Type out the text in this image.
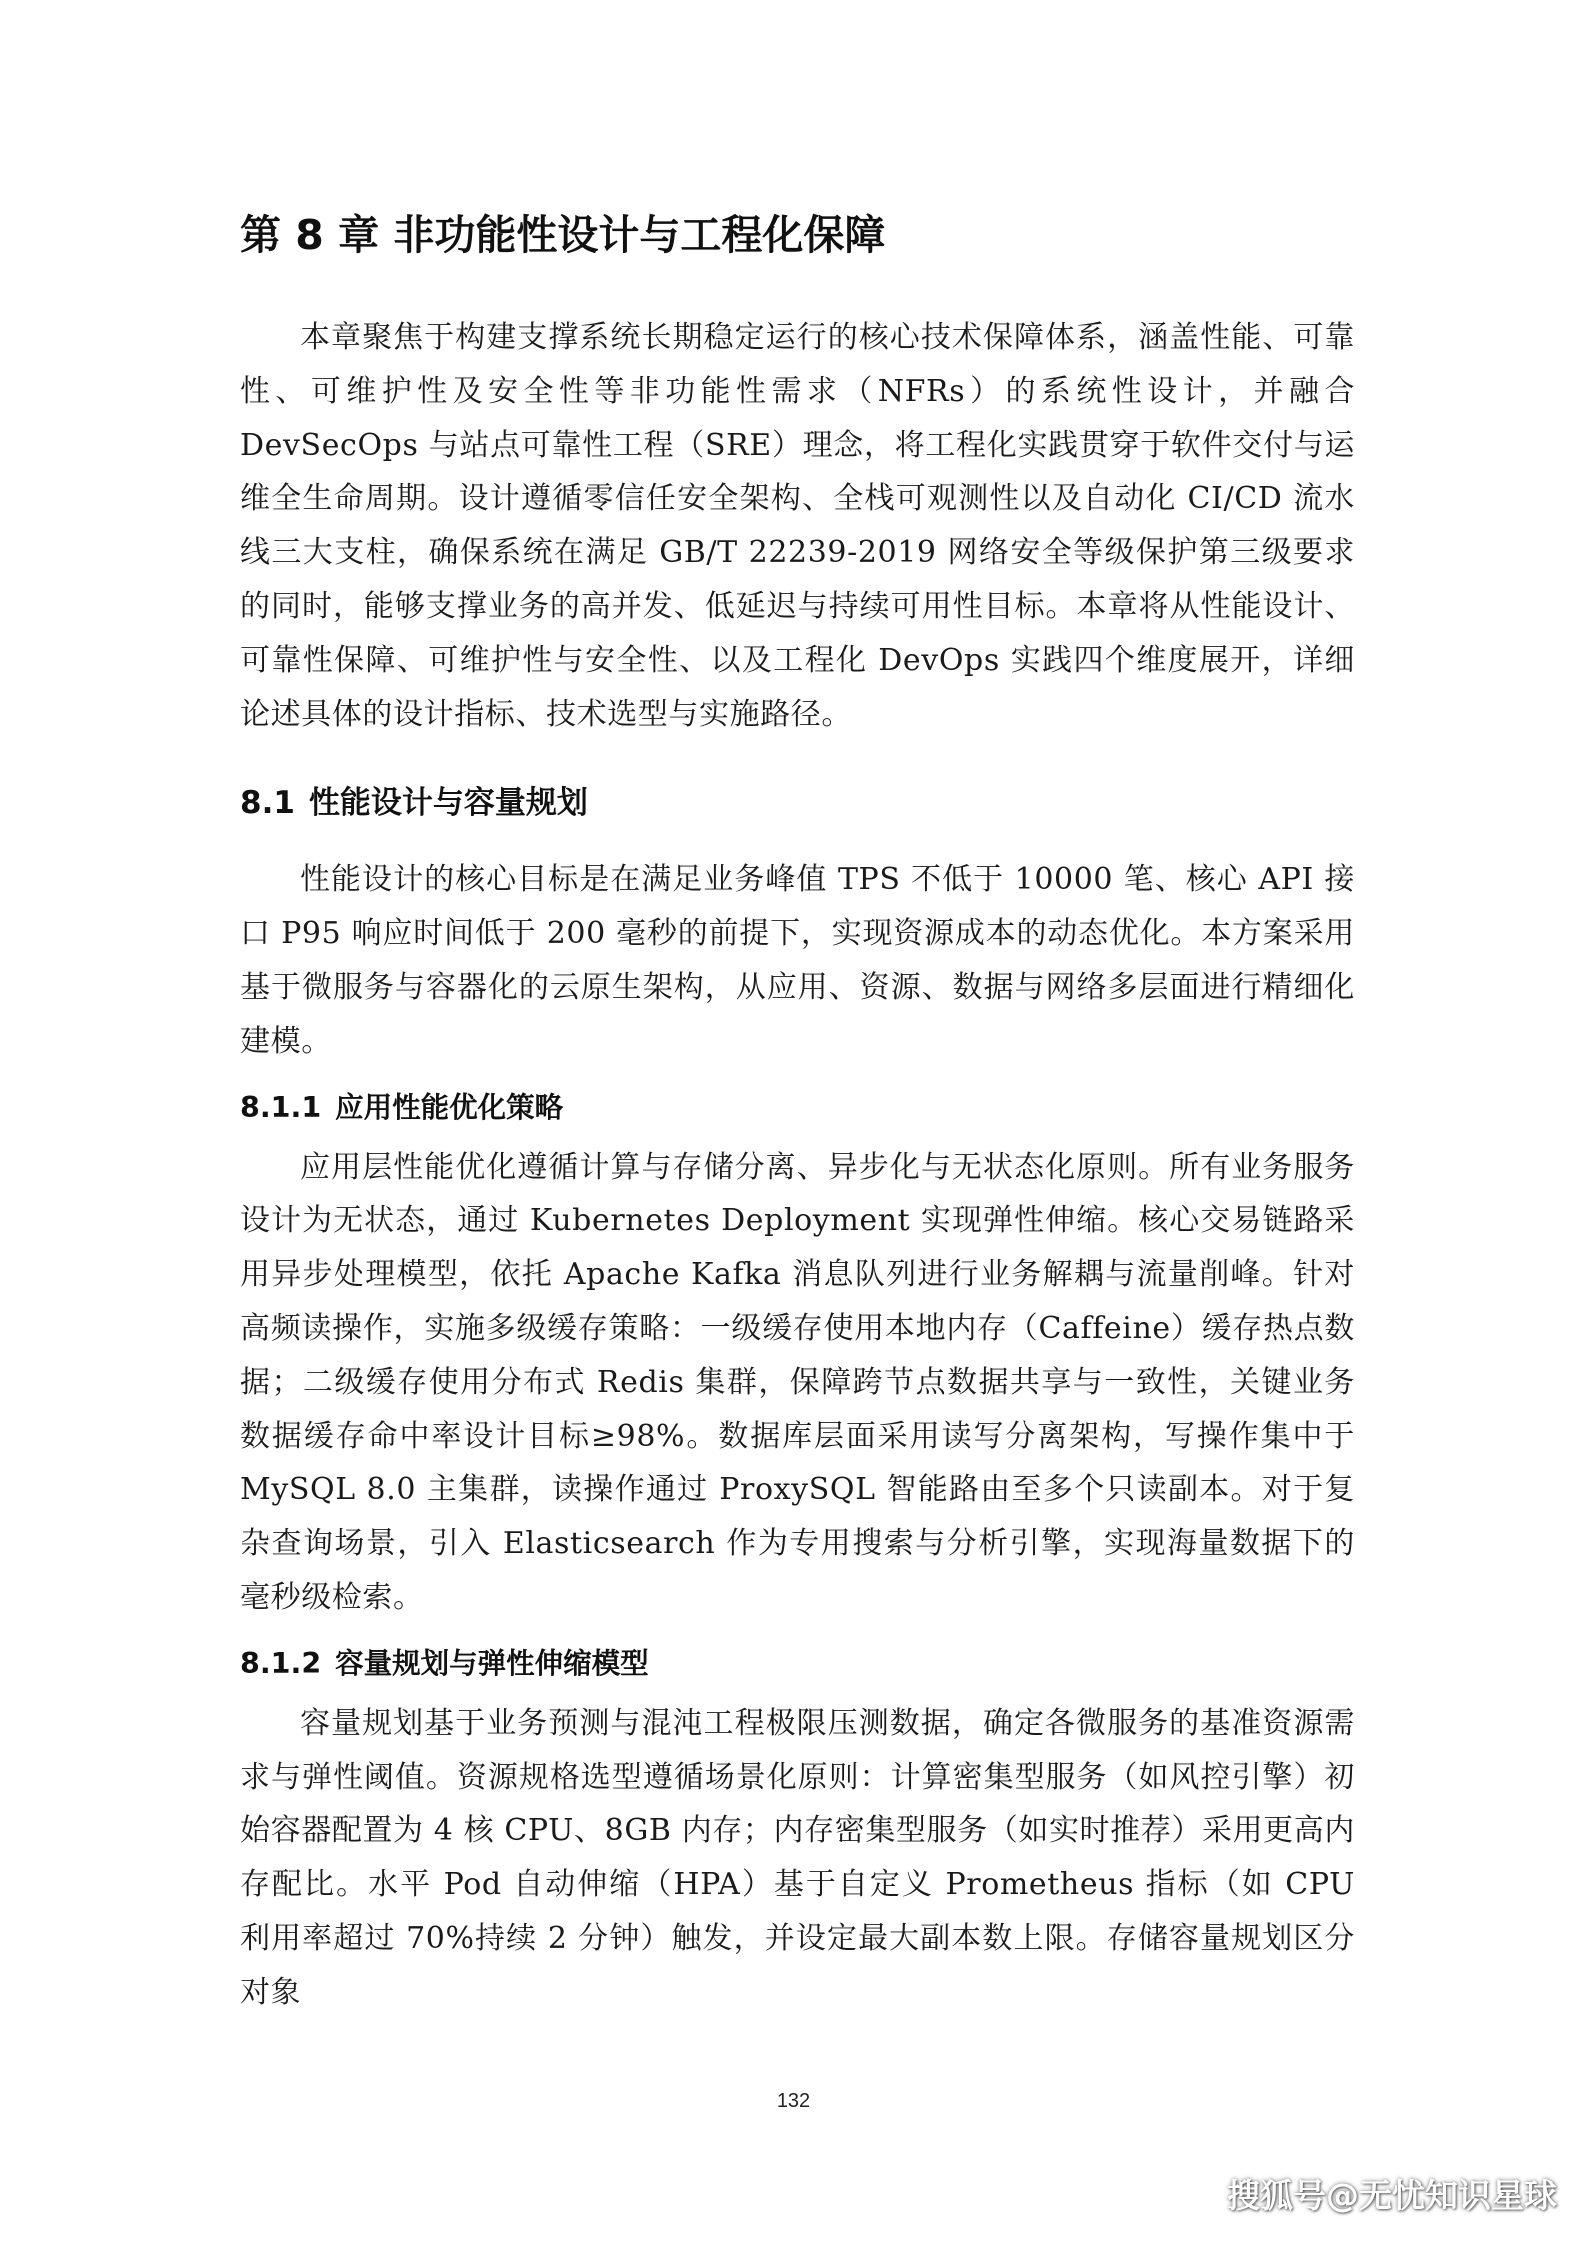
第 8 章 非功能性设计与工程化保障

本章聚焦于构建支撑系统长期稳定运行的核心技术保障体系，涵盖性能、可靠性、可维护性及安全性等非功能性需求（NFRs）的系统性设计，并融合 DevSecOps 与站点可靠性工程（SRE）理念，将工程化实践贯穿于软件交付与运维全生命周期。设计遵循零信任安全架构、全栈可观测性以及自动化 CI/CD 流水线三大支柱，确保系统在满足 GB/T 22239-2019 网络安全等级保护第三级要求的同时，能够支撑业务的高并发、低延迟与持续可用性目标。本章将从性能设计、可靠性保障、可维护性与安全性、以及工程化 DevOps 实践四个维度展开，详细论述具体的设计指标、技术选型与实施路径。

8.1 性能设计与容量规划

性能设计的核心目标是在满足业务峰值 TPS 不低于 10000 笔、核心 API 接口 P95 响应时间低于 200 毫秒的前提下，实现资源成本的动态优化。本方案采用基于微服务与容器化的云原生架构，从应用、资源、数据与网络多层面进行精细化建模。

8.1.1 应用性能优化策略

应用层性能优化遵循计算与存储分离、异步化与无状态化原则。所有业务服务设计为无状态，通过 Kubernetes Deployment 实现弹性伸缩。核心交易链路采用异步处理模型，依托 Apache Kafka 消息队列进行业务解耦与流量削峰。针对高频读操作，实施多级缓存策略：一级缓存使用本地内存（Caffeine）缓存热点数据；二级缓存使用分布式 Redis 集群，保障跨节点数据共享与一致性，关键业务数据缓存命中率设计目标≥98%。数据库层面采用读写分离架构，写操作集中于 MySQL 8.0 主集群，读操作通过 ProxySQL 智能路由至多个只读副本。对于复杂查询场景，引入 Elasticsearch 作为专用搜索与分析引擎，实现海量数据下的毫秒级检索。

8.1.2 容量规划与弹性伸缩模型

容量规划基于业务预测与混沌工程极限压测数据，确定各微服务的基准资源需求与弹性阈值。资源规格选型遵循场景化原则：计算密集型服务（如风控引擎）初始容器配置为 4 核 CPU、8GB 内存；内存密集型服务（如实时推荐）采用更高内存配比。水平 Pod 自动伸缩（HPA）基于自定义 Prometheus 指标（如 CPU 利用率超过 70%持续 2 分钟）触发，并设定最大副本数上限。存储容量规划区分对象

132
搜狐号@无忧知识星球
